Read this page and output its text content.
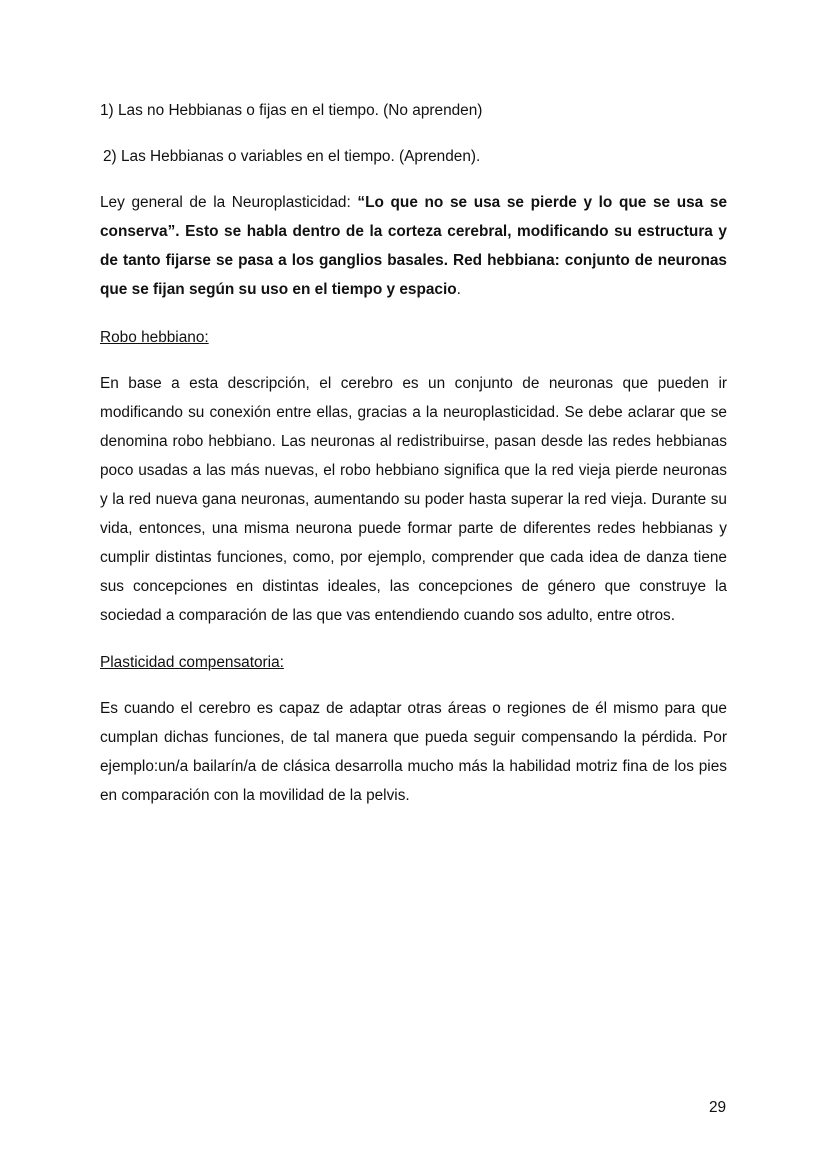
1) Las no Hebbianas o fijas en el tiempo. (No aprenden)

2) Las Hebbianas o variables en el tiempo. (Aprenden).

Ley general de la Neuroplasticidad: “Lo que no se usa se pierde y lo que se usa se conserva”. Esto se habla dentro de la corteza cerebral, modificando su estructura y de tanto fijarse se pasa a los ganglios basales. Red hebbiana: conjunto de neuronas que se fijan según su uso en el tiempo y espacio.

Robo hebbiano:

En base a esta descripción, el cerebro es un conjunto de neuronas que pueden ir modificando su conexión entre ellas, gracias a la neuroplasticidad. Se debe aclarar que se denomina robo hebbiano. Las neuronas al redistribuirse, pasan desde las redes hebbianas poco usadas a las más nuevas, el robo hebbiano significa que la red vieja pierde neuronas y la red nueva gana neuronas, aumentando su poder hasta superar la red vieja. Durante su vida, entonces, una misma neurona puede formar parte de diferentes redes hebbianas y cumplir distintas funciones, como, por ejemplo, comprender que cada idea de danza tiene sus concepciones en distintas ideales, las concepciones de género que construye la sociedad a comparación de las que vas entendiendo cuando sos adulto, entre otros.

Plasticidad compensatoria:

Es cuando el cerebro es capaz de adaptar otras áreas o regiones de él mismo para que cumplan dichas funciones, de tal manera que pueda seguir compensando la pérdida. Por ejemplo:un/a bailarín/a de clásica desarrolla mucho más la habilidad motriz fina de los pies en comparación con la movilidad de la pelvis.

29
